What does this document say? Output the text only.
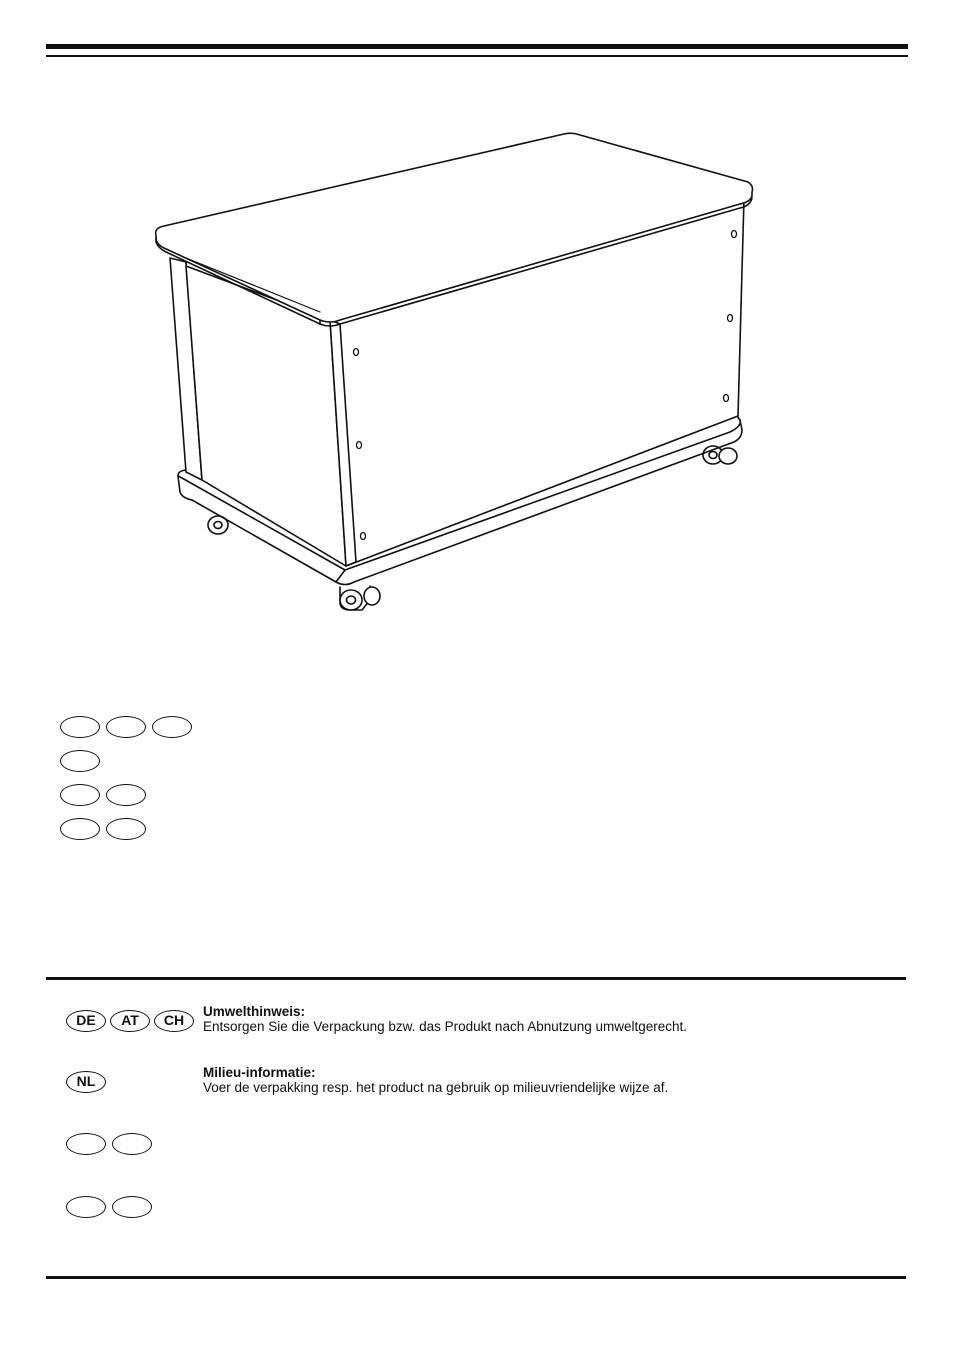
DE	AT	CH
Umwelthinweis:
Entsorgen Sie die Verpackung bzw. das Produkt nach Abnutzung umweltgerecht.
NL
Milieu-informatie:
Voer de verpakking resp. het product na gebruik op milieuvriendelijke wijze af.
